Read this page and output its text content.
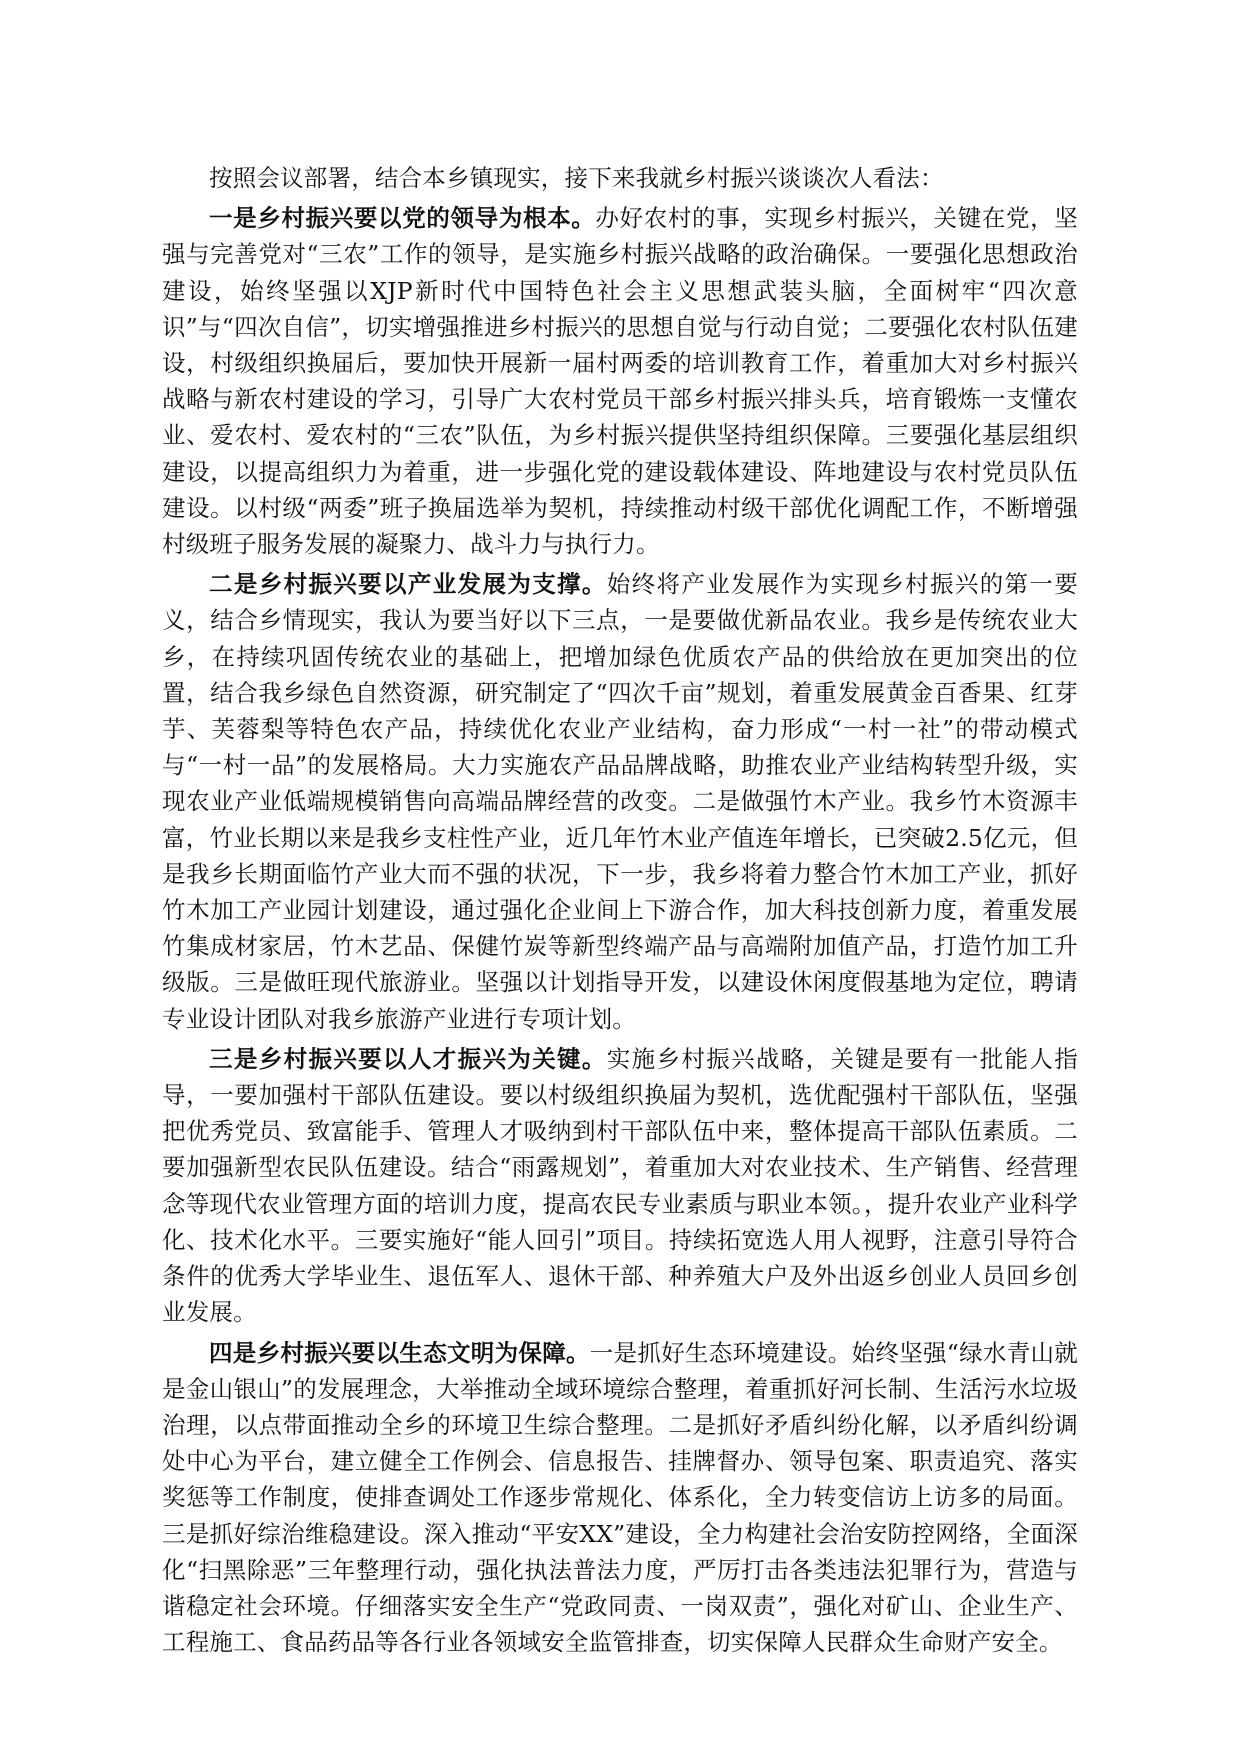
按照会议部署，结合本乡镇现实，接下来我就乡村振兴谈谈次人看法：

一是乡村振兴要以党的领导为根本。办好农村的事，实现乡村振兴，关键在党，坚强与完善党对“三农”工作的领导，是实施乡村振兴战略的政治确保。一要强化思想政治建设，始终坚强以XJP新时代中国特色社会主义思想武装头脑，全面树牢“四次意识”与“四次自信”，切实增强推进乡村振兴的思想自觉与行动自觉；二要强化农村队伍建设，村级组织换届后，要加快开展新一届村两委的培训教育工作，着重加大对乡村振兴战略与新农村建设的学习，引导广大农村党员干部乡村振兴排头兵，培育锻炼一支懂农业、爱农村、爱农村的“三农”队伍，为乡村振兴提供坚持组织保障。三要强化基层组织建设，以提高组织力为着重，进一步强化党的建设载体建设、阵地建设与农村党员队伍建设。以村级“两委”班子换届选举为契机，持续推动村级干部优化调配工作，不断增强村级班子服务发展的凝聚力、战斗力与执行力。

二是乡村振兴要以产业发展为支撑。始终将产业发展作为实现乡村振兴的第一要义，结合乡情现实，我认为要当好以下三点，一是要做优新品农业。我乡是传统农业大乡，在持续巩固传统农业的基础上，把增加绿色优质农产品的供给放在更加突出的位置，结合我乡绿色自然资源，研究制定了“四次千亩”规划，着重发展黄金百香果、红芽芋、芙蓉梨等特色农产品，持续优化农业产业结构，奋力形成“一村一社”的带动模式与“一村一品”的发展格局。大力实施农产品品牌战略，助推农业产业结构转型升级，实现农业产业低端规模销售向高端品牌经营的改变。二是做强竹木产业。我乡竹木资源丰富，竹业长期以来是我乡支柱性产业，近几年竹木业产值连年增长，已突破2.5亿元，但是我乡长期面临竹产业大而不强的状况，下一步，我乡将着力整合竹木加工产业，抓好竹木加工产业园计划建设，通过强化企业间上下游合作，加大科技创新力度，着重发展竹集成材家居，竹木艺品、保健竹炭等新型终端产品与高端附加值产品，打造竹加工升级版。三是做旺现代旅游业。坚强以计划指导开发，以建设休闲度假基地为定位，聘请专业设计团队对我乡旅游产业进行专项计划。

三是乡村振兴要以人才振兴为关键。实施乡村振兴战略，关键是要有一批能人指导，一要加强村干部队伍建设。要以村级组织换届为契机，选优配强村干部队伍，坚强把优秀党员、致富能手、管理人才吸纳到村干部队伍中来，整体提高干部队伍素质。二要加强新型农民队伍建设。结合“雨露规划”，着重加大对农业技术、生产销售、经营理念等现代农业管理方面的培训力度，提高农民专业素质与职业本领。，提升农业产业科学化、技术化水平。三要实施好“能人回引”项目。持续拓宽选人用人视野，注意引导符合条件的优秀大学毕业生、退伍军人、退休干部、种养殖大户及外出返乡创业人员回乡创业发展。

四是乡村振兴要以生态文明为保障。一是抓好生态环境建设。始终坚强“绿水青山就是金山银山”的发展理念，大举推动全域环境综合整理，着重抓好河长制、生活污水垃圾治理，以点带面推动全乡的环境卫生综合整理。二是抓好矛盾纠纷化解，以矛盾纠纷调处中心为平台，建立健全工作例会、信息报告、挂牌督办、领导包案、职责追究、落实奖惩等工作制度，使排查调处工作逐步常规化、体系化，全力转变信访上访多的局面。三是抓好综治维稳建设。深入推动“平安XX”建设，全力构建社会治安防控网络，全面深化“扫黑除恶”三年整理行动，强化执法普法力度，严厉打击各类违法犯罪行为，营造与谐稳定社会环境。仔细落实安全生产“党政同责、一岗双责”，强化对矿山、企业生产、工程施工、食品药品等各行业各领域安全监管排查，切实保障人民群众生命财产安全。
